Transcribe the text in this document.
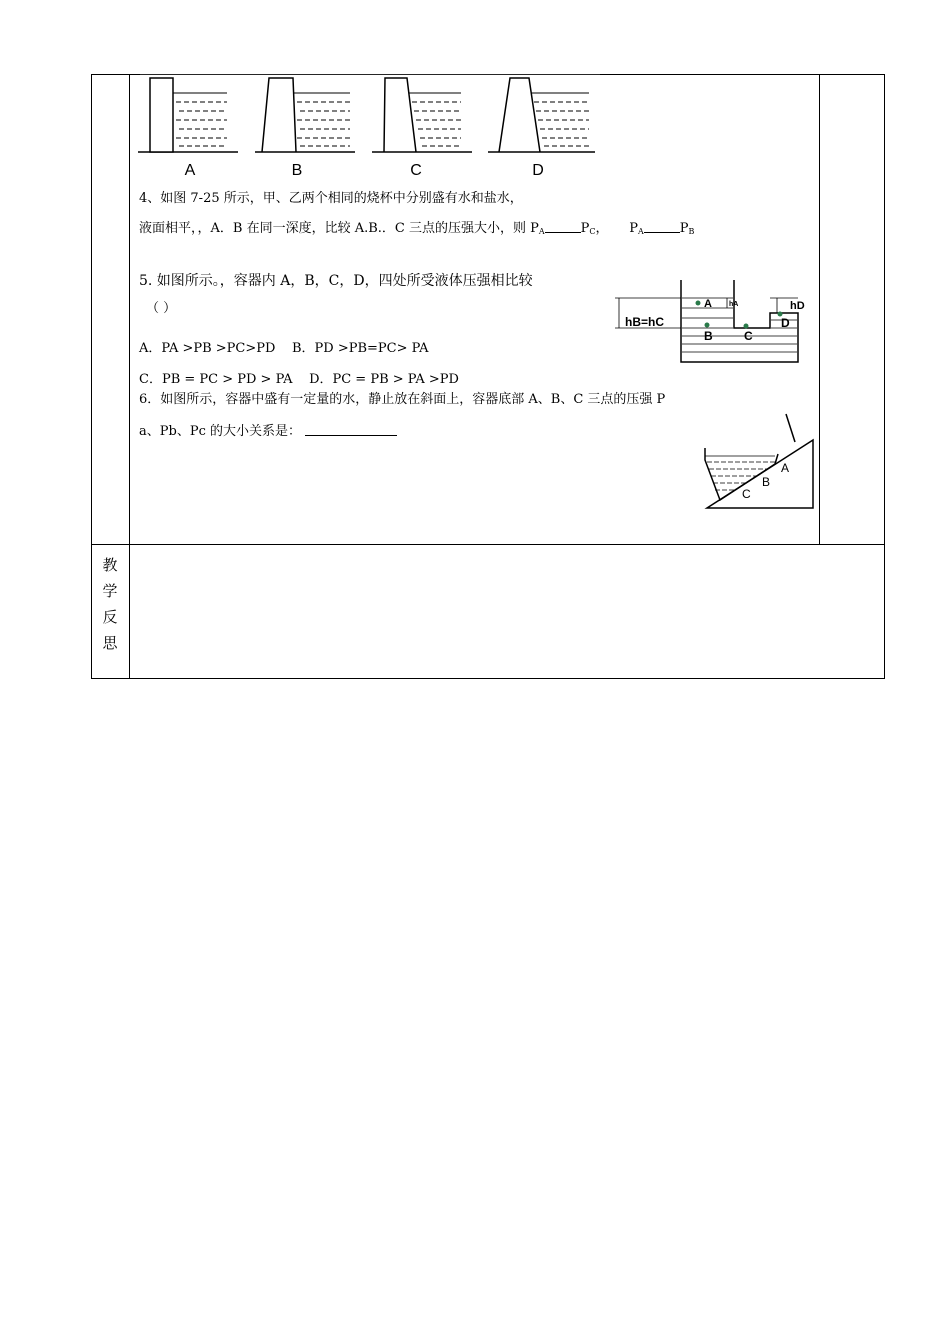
A	B	C	D
4、如图 7-25 所示，甲、乙两个相同的烧杯中分别盛有水和盐水，
液面相平，，A．B 在同一深度，比较 A.B.．C 三点的压强大小，则 $P_A$	$P_C$， $P_A$	$P_B$
5. 如图所示。，容器内 A，B，C，D，四处所受液体压强相比较
（ ）
A．PA >PB >PC>PD B．PD >PB=PC> PA
C．PB = PC > PD > PA D．PC = PB > PA >PD
A hA	hD
hB=hC
B	C
D
6．如图所示，容器中盛有一定量的水，静止放在斜面上，容器底部 A、B、C 三点的压强 P
a、Pb、Pc 的大小关系是：
A
B
C
教
学
反
思
